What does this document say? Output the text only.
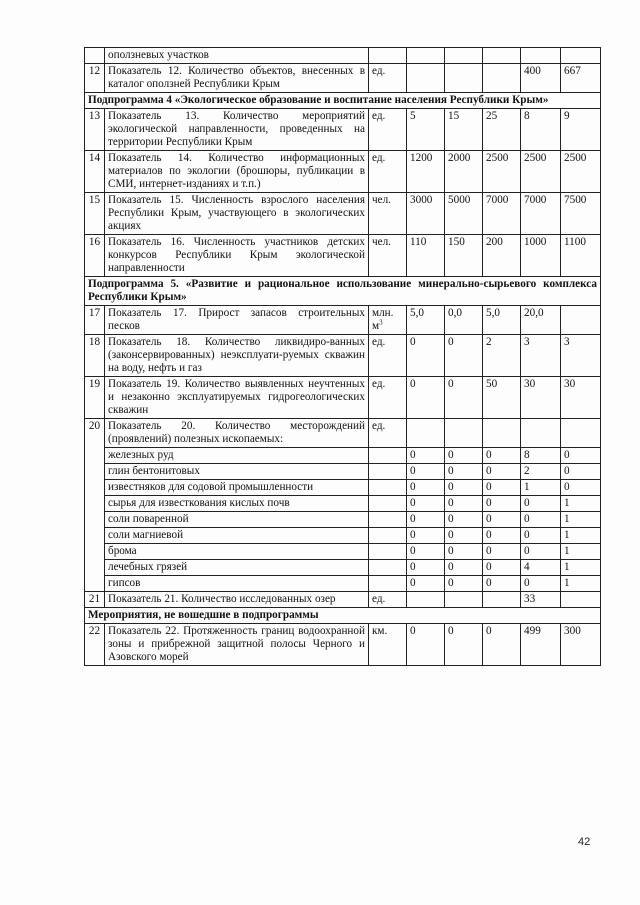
	оползневых участков						
12	Показатель 12. Количество объектов, внесенных в каталог оползней Республики Крым	ед.				400	667
Подпрограмма 4 «Экологическое образование и воспитание населения Республики Крым»							
13	Показатель 13. Количество мероприятий экологической направленности, проведенных на территории Республики Крым	ед.	5	15	25	8	9
14	Показатель 14. Количество информационных материалов по экологии (брошюры, публикации в СМИ, интернет-изданиях и т.п.)	ед.	1200	2000	2500	2500	2500
15	Показатель 15. Численность взрослого населения Республики Крым, участвующего в экологических акциях	чел.	3000	5000	7000	7000	7500
16	Показатель 16. Численность участников детских конкурсов Республики Крым экологической направленности	чел.	110	150	200	1000	1100
Подпрограмма 5. «Развитие и рациональное использование минерально-сырьевого комплекса Республики Крым»							
17	Показатель 17. Прирост запасов строительных песков	млн. $м^3$	5,0	0,0	5,0	20,0	
18	Показатель 18. Количество ликвидиро-ванных (законсервированных) неэксплуати-руемых скважин на воду, нефть и газ	ед.	0	0	2	3	3
19	Показатель 19. Количество выявленных неучтенных и незаконно эксплуатируемых гидрогеологических скважин	ед.	0	0	50	30	30
20	Показатель 20. Количество месторождений (проявлений) полезных ископаемых:	ед.					
	железных руд		0	0	0	8	0
	глин бентонитовых		0	0	0	2	0
	известняков для содовой промышленности		0	0	0	1	0
	сырья для известкования кислых почв		0	0	0	0	1
	соли поваренной		0	0	0	0	1
	соли магниевой		0	0	0	0	1
	брома		0	0	0	0	1
	лечебных грязей		0	0	0	4	1
	гипсов		0	0	0	0	1
21	Показатель 21. Количество исследованных озер	ед.				33	
Мероприятия, не вошедшие в подпрограммы							
22	Показатель 22. Протяженность границ водоохранной зоны и прибрежной защитной полосы Черного и Азовского морей	км.	0	0	0	499	300
42
